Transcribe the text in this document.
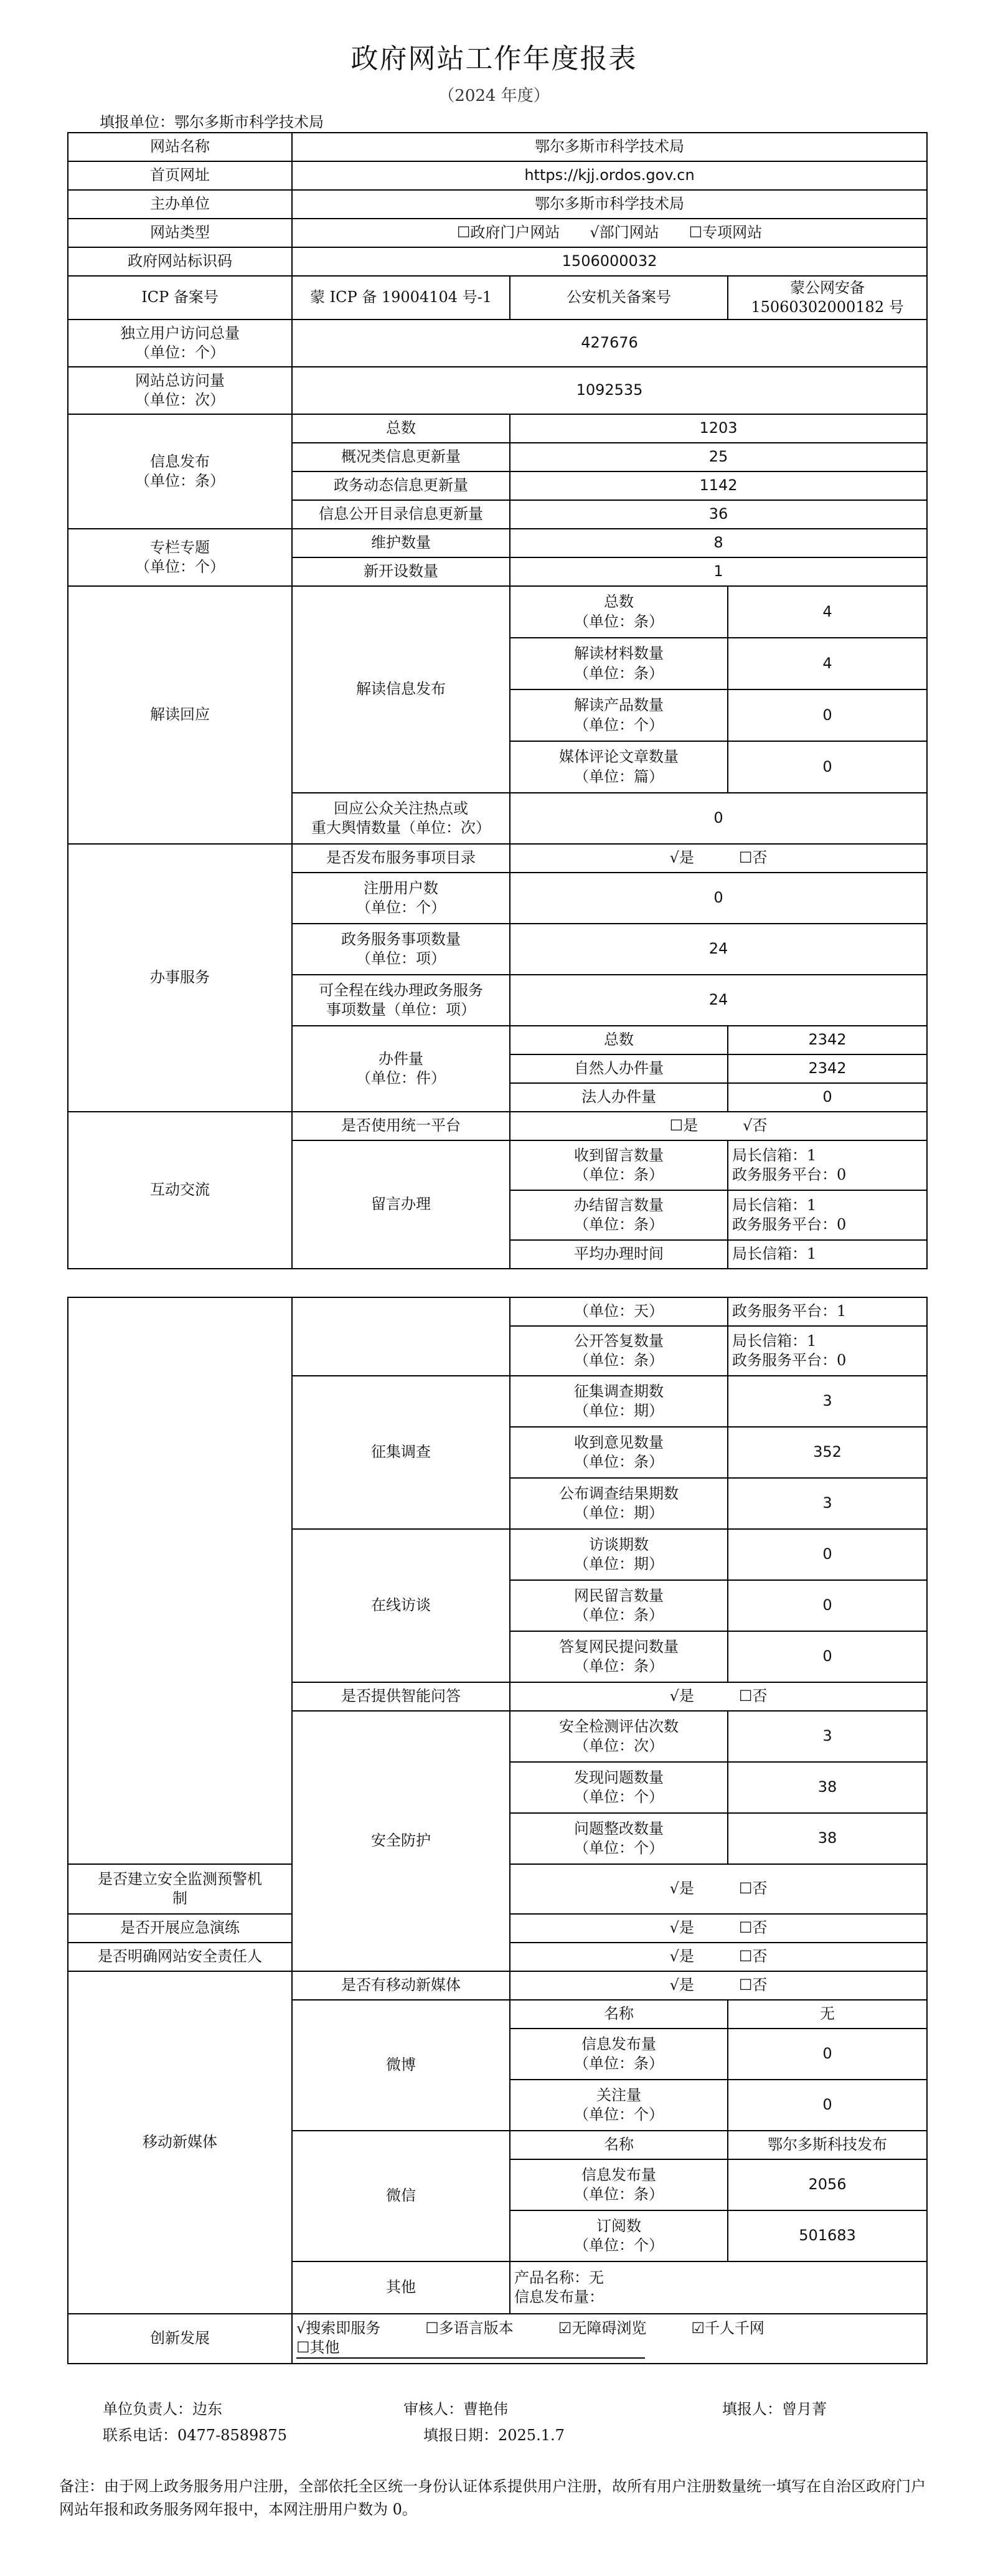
政府网站工作年度报表
（2024 年度）
填报单位：鄂尔多斯市科学技术局
网站名称	鄂尔多斯市科学技术局		
首页网址	https://kjj.ordos.gov.cn		
主办单位	鄂尔多斯市科学技术局		
网站类型	☐政府门户网站　　√部门网站　　☐专项网站		
政府网站标识码	1506000032		
ICP 备案号	蒙 ICP 备 19004104 号-1	公安机关备案号	蒙公网安备
15060302000182 号
独立用户访问总量
（单位：个）	427676		
网站总访问量
（单位：次）	1092535		
信息发布
（单位：条）	总数	1203	
	概况类信息更新量	25	
	政务动态信息更新量	1142	
	信息公开目录信息更新量	36	
专栏专题
（单位：个）	维护数量	8	
	新开设数量	1	
解读回应	解读信息发布	总数
（单位：条）	4
		解读材料数量
（单位：条）	4
		解读产品数量
（单位：个）	0
		媒体评论文章数量
（单位：篇）	0
	回应公众关注热点或
重大舆情数量（单位：次）	0	
办事服务	是否发布服务事项目录	√是　　　☐否	
	注册用户数
（单位：个）	0	
	政务服务事项数量
（单位：项）	24	
	可全程在线办理政务服务
事项数量（单位：项）	24	
	办件量
（单位：件）	总数	2342
		自然人办件量	2342
		法人办件量	0
互动交流	是否使用统一平台	☐是　　　√否	
	留言办理	收到留言数量
（单位：条）	局长信箱：1
政务服务平台：0
		办结留言数量
（单位：条）	局长信箱：1
政务服务平台：0
		平均办理时间	局长信箱：1

		（单位：天）	政务服务平台：1
		公开答复数量
（单位：条）	局长信箱：1
政务服务平台：0
	征集调查	征集调查期数
（单位：期）	3
		收到意见数量
（单位：条）	352
		公布调查结果期数
（单位：期）	3
	在线访谈	访谈期数
（单位：期）	0
		网民留言数量
（单位：条）	0
		答复网民提问数量
（单位：条）	0
	是否提供智能问答	√是　　　☐否	
	安全防护	安全检测评估次数
（单位：次）	3
		发现问题数量
（单位：个）	38
		问题整改数量
（单位：个）	38
是否建立安全监测预警机
制		√是　　　☐否	
是否开展应急演练		√是　　　☐否	
是否明确网站安全责任人		√是　　　☐否	
移动新媒体	是否有移动新媒体	√是　　　☐否	
	微博	名称	无
		信息发布量
（单位：条）	0
		关注量
（单位：个）	0
	微信	名称	鄂尔多斯科技发布
		信息发布量
（单位：条）	2056
		订阅数
（单位：个）	501683
	其他	产品名称：无
信息发布量：	
创新发展	√搜索即服务　　　☐多语言版本　　　☑无障碍浏览　　　☑千人千网
☐其他		
单位负责人：边东	审核人：曹艳伟	填报人：曾月菁
联系电话：0477-8589875	填报日期：2025.1.7
备注：由于网上政务服务用户注册，全部依托全区统一身份认证体系提供用户注册，故所有用户注册数量统一填写在自治区政府门户网站年报和政务服务网年报中，本网注册用户数为 0。
